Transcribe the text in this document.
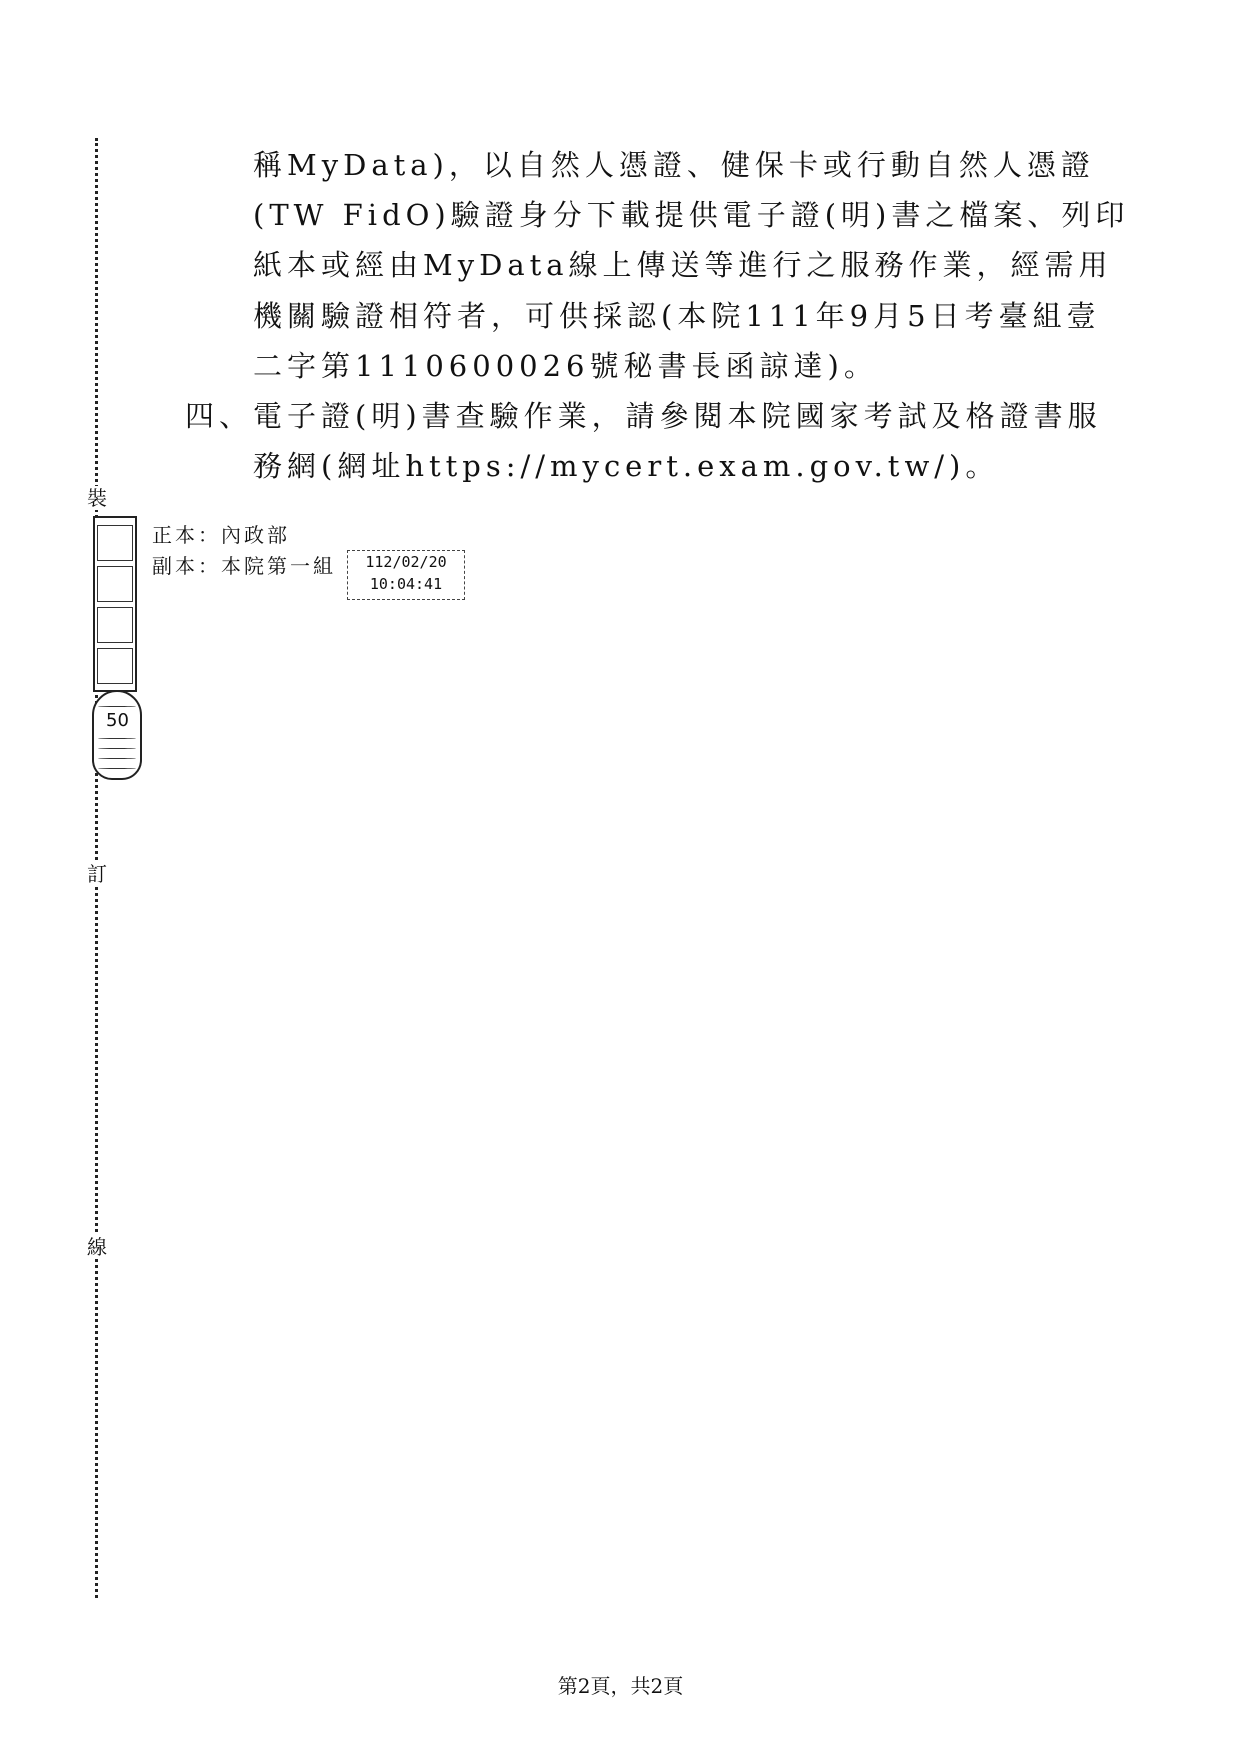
裝
訂
線
50
稱MyData)，以自然人憑證、健保卡或行動自然人憑證
(TW FidO)驗證身分下載提供電子證(明)書之檔案、列印
紙本或經由MyData線上傳送等進行之服務作業，經需用
機關驗證相符者，可供採認(本院111年9月5日考臺組壹
二字第1110600026號秘書長函諒達)。
四、 電子證(明)書查驗作業，請參閱本院國家考試及格證書服
務網(網址https://mycert.exam.gov.tw/)。
正本：內政部
副本：本院第一組	112/02/20
10:04:41
第2頁，共2頁
